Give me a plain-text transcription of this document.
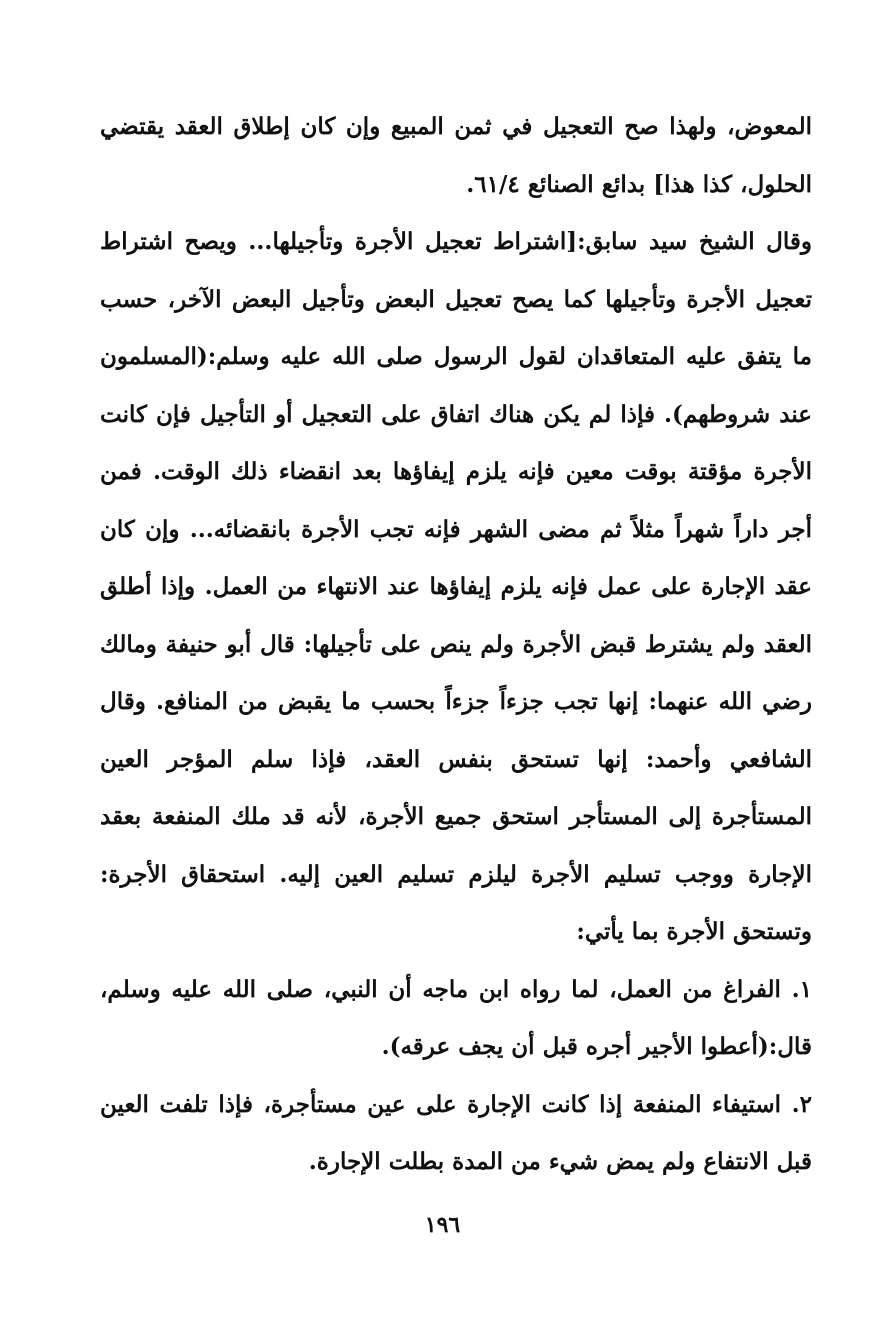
المعوض، ولهذا صح التعجيل في ثمن المبيع وإن كان إطلاق العقد يقتضي الحلول، كذا هذا] بدائع الصنائع ٦١/٤.

وقال الشيخ سيد سابق:[اشتراط تعجيل الأجرة وتأجيلها... ويصح اشتراط تعجيل الأجرة وتأجيلها كما يصح تعجيل البعض وتأجيل البعض الآخر، حسب ما يتفق عليه المتعاقدان لقول الرسول صلى الله عليه وسلم:(المسلمون عند شروطهم). فإذا لم يكن هناك اتفاق على التعجيل أو التأجيل فإن كانت الأجرة مؤقتة بوقت معين فإنه يلزم إيفاؤها بعد انقضاء ذلك الوقت. فمن أجر داراً شهراً مثلاً ثم مضى الشهر فإنه تجب الأجرة بانقضائه... وإن كان عقد الإجارة على عمل فإنه يلزم إيفاؤها عند الانتهاء من العمل. وإذا أطلق العقد ولم يشترط قبض الأجرة ولم ينص على تأجيلها: قال أبو حنيفة ومالك رضي الله عنهما: إنها تجب جزءاً جزءاً بحسب ما يقبض من المنافع. وقال الشافعي وأحمد: إنها تستحق بنفس العقد، فإذا سلم المؤجر العين المستأجرة إلى المستأجر استحق جميع الأجرة، لأنه قد ملك المنفعة بعقد الإجارة ووجب تسليم الأجرة ليلزم تسليم العين إليه. استحقاق الأجرة: وتستحق الأجرة بما يأتي:

١. الفراغ من العمل، لما رواه ابن ماجه أن النبي، صلى الله عليه وسلم، قال:(أعطوا الأجير أجره قبل أن يجف عرقه).

٢. استيفاء المنفعة إذا كانت الإجارة على عين مستأجرة، فإذا تلفت العين قبل الانتفاع ولم يمض شيء من المدة بطلت الإجارة.

١٩٦
